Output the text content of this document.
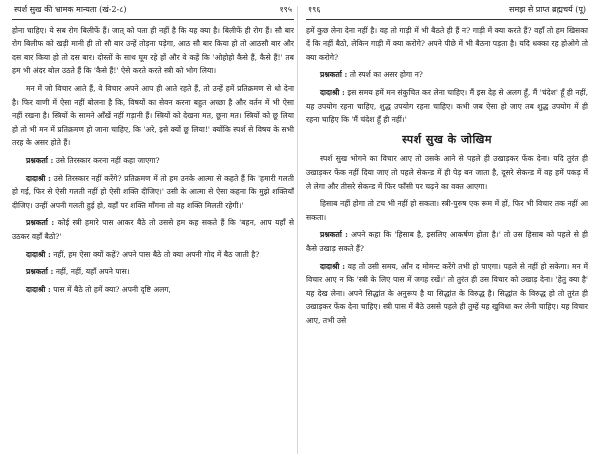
स्पर्श सुख की भ्रामक मान्यता (खं-2-८)	१९५

होना चाहिए। ये सब रोग बिलीफें हैं। जात् को पता ही नहीं है कि यह क्या है। बिलीफें ही रोग हैं। सौ बार रोग बिलीफ को खड़ी मानी ही तो सौ बार उन्हें तोड़ना पड़ेगा, आठ सौ बार किया हो तो आठसौ बार और दस बार किया हो तो दस बार। दोस्तों के साथ घूम रहे हों और वे कहें कि 'ओहोहो कैसे हैं, कैसे हैं!' तब हम भी अंदर बोल उठते हैं कि 'कैसे हैं!' ऐसे करते करते स्त्री को भोग लिया।

मन में जो विचार आते हैं, वे विचार अपने आप ही आते रहते हैं, तो उन्हें हमें प्रतिक्रमण से धो देना है। फिर वाणी में ऐसा नहीं बोलना है कि, विषयों का सेवन करना बहुत अच्छा है और वर्तन में भी ऐसा नहीं रखना है। स्त्रियों के सामने आँखें नहीं गड़ानी हैं। स्त्रियों को देखना मत, छूना मत। स्त्रियों को छू लिया हो तो भी मन में प्रतिक्रमण हो जाना चाहिए, कि 'अरे, इसे क्यों छू लिया!' क्योंकि स्पर्श से विषय के सभी तरह के असर होते हैं।

प्रश्नकर्ता : उसे तिरस्कार करना नहीं कहा जाएगा?

दादाश्री : उसे तिरस्कार नहीं करेंगे? प्रतिक्रमण में तो हम उनके आत्मा से कहते हैं कि 'हमारी गलती हो गई, फिर से ऐसी गलती नहीं हो ऐसी शक्ति दीजिए।' उसी के आत्मा से ऐसा कहना कि मुझे शक्तियाँ दीजिए। उन्हीं अपनी गलती हुई हो, वहाँ पर शक्ति माँगना तो वह शक्ति मिलती रहेगी।'

प्रश्नकर्ता : कोई स्त्री हमारे पास आकर बैठे तो उससे हम कह सकते हैं कि 'बहन, आप यहाँ से उठकर वहाँ बैठो?'

दादाश्री : नहीं, हम ऐसा क्यों कहें? अपने पास बैठे तो क्या अपनी गोद में बैठ जाती है?

प्रश्नकर्ता : नहीं, नहीं, यहाँ अपने पास।

दादाश्री : पास में बैठे तो हमें क्या? अपनी दृष्टि अलग,

१९६	समझ से प्राप्त ब्रह्मचर्य (पू)

हमें कुछ लेना देना नहीं है। वह तो गाड़ी में भी बैठते ही हैं न? गाड़ी में क्या करते हैं? वहाँ तो हम खिसका दें कि नहीं बैठो, लेकिन गाड़ी में क्या करोगे? अपने पीछे में भी बैठना पड़ता है। यदि धक्‍का रह होओगे तो क्या करोगे?

प्रश्नकर्ता : तो स्पर्श का असर होगा न?

दादाश्री : इस समय हमें मन संकुचित कर लेना चाहिए। मैं इस देह से अलग हूँ, मैं 'चंदेश' हूँ ही नहीं, यह उपयोग रहना चाहिए, शुद्ध उपयोग रहना चाहिए। कभी जब ऐसा हो जाए तब शुद्ध उपयोग में ही रहना चाहिए कि 'मैं चंदेश हूँ ही नहीं।'

स्पर्श सुख के जोखिम

स्पर्श सुख भोगने का विचार आए तो उसके आने से पहले ही उखाड़कर फेंक देना। यदि तुरंत ही उखाड़कर फेंक नहीं दिया जाए तो पहले सेकन्ड में ही पेड़ बन जाता है, दूसरे सेकन्ड में वह हमें पकड़ में ले लेगा और तीसरे सेकन्ड में फिर फाँसी पर चढ़ने का वक्त आएगा।

हिसाब नहीं होगा तो टच भी नहीं हो सकता। स्त्री-पुरुष एक रूम में हों, फिर भी विचार तक नहीं आ सकता।

प्रश्नकर्ता : अपने कहा कि 'हिसाब है, इसलिए आकर्षण होता है।' तो उस हिसाब को पहले से ही कैसे उखाड़ सकते हैं?

दादाश्री : वह तो उसी समय, आँन द मोमन्ट करेंगे तभी हो पाएगा। पहले से नहीं हो सकेगा। मन में विचार आए न कि 'स्त्री के लिए पास में जगह रखें।' तो तुरंत ही उस विचार को उखाड़ देना। 'हेतु क्या है' यह देख लेना। अपने सिद्धांत के अनुरूप है या सिद्धांत के विरुद्ध है। सिद्धांत के विरुद्ध हो तो तुरंत ही उखाड़कर फेंक देना चाहिए। स्त्री पास में बैठे उससे पहले ही तुम्हें यह खुविधा कर लेनी चाहिए। यह विचार आए, तभी उसे
